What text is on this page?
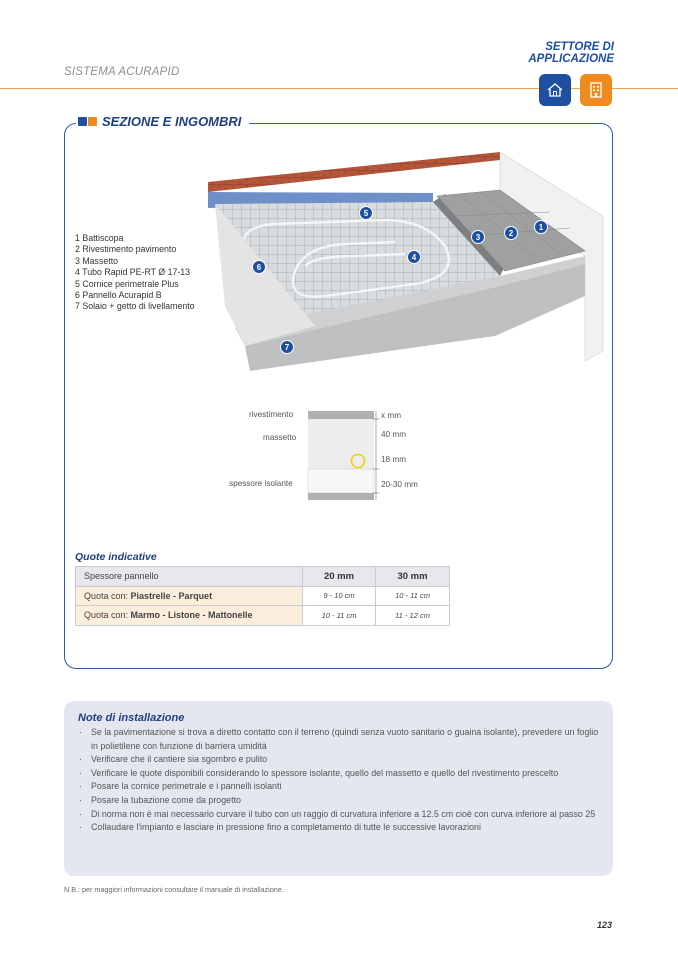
SISTEMA ACURAPID
SETTORE DI
APPLICAZIONE
SEZIONE E INGOMBRI
1 Battiscopa
2 Rivestimento pavimento
3 Massetto
4 Tubo Rapid PE-RT Ø 17-13
5 Cornice perimetrale Plus
6 Pannello Acurapid B
7 Solaio + getto di livellamento
1
2
3
4
5
6
7
rivestimento
massetto
spessore isolante
x mm
40 mm
18 mm
20-30 mm
Quote indicative
Spessore pannello	20 mm	30 mm
Quota con: Piastrelle - Parquet	9 - 10 cm	10 - 11 cm
Quota con: Marmo - Listone - Mattonelle	10 - 11 cm	11 - 12 cm
Note di installazione
· Se la pavimentazione si trova a diretto contatto con il terreno (quindi senza vuoto sanitario o guaina isolante), prevedere un foglio in polietilene con funzione di barriera umidità
· Verificare che il cantiere sia sgombro e pulito
· Verificare le quote disponibili considerando lo spessore isolante, quello del massetto e quello del rivestimento prescelto
· Posare la cornice perimetrale e i pannelli isolanti
· Posare la tubazione come da progetto
· Di norma non è mai necessario curvare il tubo con un raggio di curvatura inferiore a 12.5 cm cioè con curva inferiore al passo 25
· Collaudare l'impianto e lasciare in pressione fino a completamento di tutte le successive lavorazioni
N.B.: per maggiori informazioni consultare il manuale di installazione.
123
